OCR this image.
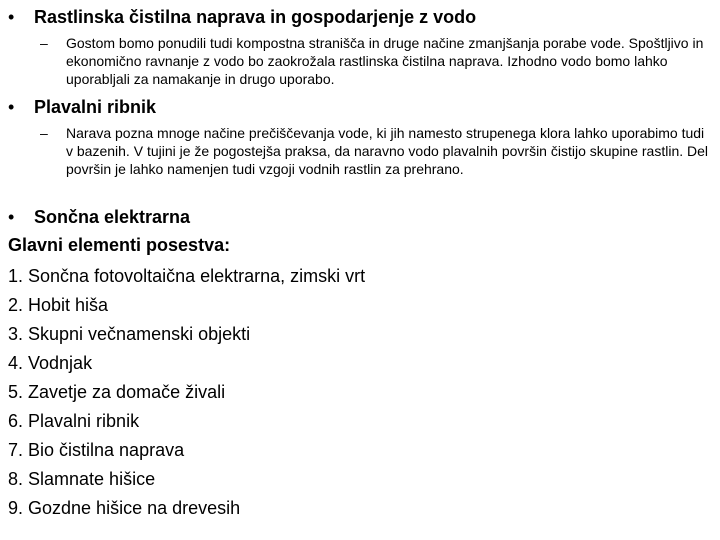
• Rastlinska čistilna naprava in gospodarjenje z vodo
– Gostom bomo ponudili tudi kompostna stranišča in druge načine zmanjšanja porabe vode. Spoštljivo in ekonomično ravnanje z vodo bo zaokrožala rastlinska čistilna naprava. Izhodno vodo bomo lahko uporabljali za namakanje in drugo uporabo.
• Plavalni ribnik
– Narava pozna mnoge načine prečiščevanja vode, ki jih namesto strupenega klora lahko uporabimo tudi v bazenih. V tujini je že pogostejša praksa, da naravno vodo plavalnih površin čistijo skupine rastlin. Del površin je lahko namenjen tudi vzgoji vodnih rastlin za prehrano.
• Sončna elektrarna
Glavni elementi posestva:
1. Sončna fotovoltaična elektrarna, zimski vrt
2. Hobit hiša
3. Skupni večnamenski objekti
4. Vodnjak
5. Zavetje za domače živali
6. Plavalni ribnik
7. Bio čistilna naprava
8. Slamnate hišice
9. Gozdne hišice na drevesih
